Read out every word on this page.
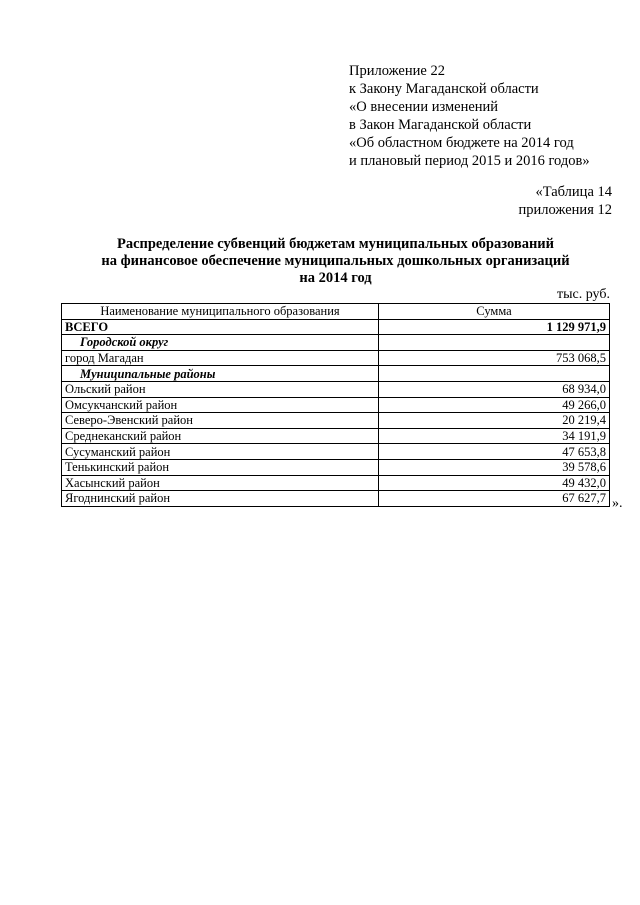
Приложение 22
к Закону Магаданской области
«О внесении изменений
в Закон Магаданской области
«Об областном бюджете на 2014 год
и плановый период 2015 и 2016 годов»
«Таблица 14
приложения 12
Распределение субвенций бюджетам муниципальных образований
на финансовое обеспечение муниципальных дошкольных организаций
на 2014 год
тыс. руб.
Наименование муниципального образования	Сумма
ВСЕГО	1 129 971,9
Городской округ	
город Магадан	753 068,5
Муниципальные районы	
Ольский район	68 934,0
Омсукчанский район	49 266,0
Северо-Эвенский район	20 219,4
Среднеканский район	34 191,9
Сусуманский район	47 653,8
Тенькинский район	39 578,6
Хасынский район	49 432,0
Ягоднинский район	67 627,7 ».
